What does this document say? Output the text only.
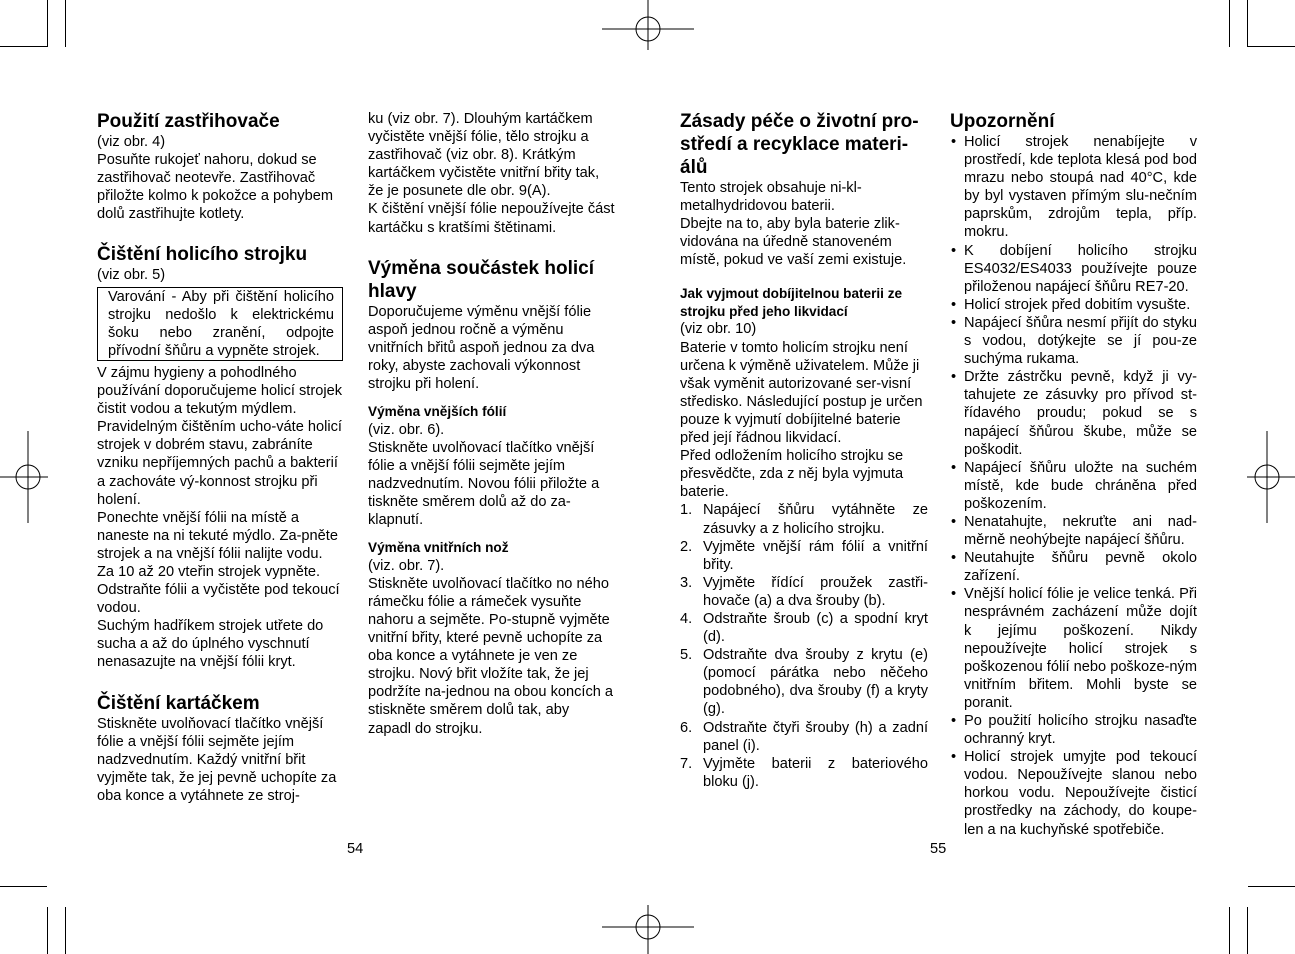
Použití zastřihovače

(viz obr. 4)

Posuňte rukojeť nahoru, dokud se zastřihovač neotevře. Zastřihovač přiložte kolmo k pokožce a pohybem dolů zastřihujte kotlety.

Čištění holicího strojku

(viz obr. 5)

Varování - Aby při čištění holicího strojku nedošlo k elektrickému šoku nebo zranění, odpojte přívodní šňůru a vypněte strojek.

V zájmu hygieny a pohodlného používání doporučujeme holicí strojek čistit vodou a tekutým mýdlem. Pravidelným čištěním ucho-váte holicí strojek v dobrém stavu, zabráníte vzniku nepříjemných pachů a bakterií a zachováte vý-konnost strojku při holení.

Ponechte vnější fólii na místě a naneste na ni tekuté mýdlo. Za-pněte strojek a na vnější fólii nalijte vodu.

Za 10 až 20 vteřin strojek vypněte. Odstraňte fólii a vyčistěte pod tekoucí vodou.

Suchým hadříkem strojek utřete do sucha a až do úplného vyschnutí nenasazujte na vnější fólii kryt.

Čištění kartáčkem

Stiskněte uvolňovací tlačítko vnější fólie a vnější fólii sejměte jejím nadzvednutím. Každý vnitřní břit vyjměte tak, že jej pevně uchopíte za oba konce a vytáhnete ze stroj-

ku (viz obr. 7). Dlouhým kartáčkem vyčistěte vnější fólie, tělo strojku a zastřihovač (viz obr. 8). Krátkým kartáčkem vyčistěte vnitřní břity tak, že je posunete dle obr. 9(A).

K čištění vnější fólie nepoužívejte část kartáčku s kratšími štětinami.

Výměna součástek holicí hlavy

Doporučujeme výměnu vnější fólie aspoň jednou ročně a výměnu vnitřních břitů aspoň jednou za dva roky, abyste zachovali výkonnost strojku při holení.

Výměna vnějších fólií

(viz. obr. 6).

Stiskněte uvolňovací tlačítko vnější fólie a vnější fólii sejměte jejím nadzvednutím. Novou fólii přiložte a tiskněte směrem dolů až do za-klapnutí.

Výměna vnitřních nož

(viz. obr. 7).

Stiskněte uvolňovací tlačítko no ného rámečku fólie a rámeček vysuňte nahoru a sejměte. Po-stupně vyjměte vnitřní břity, které pevně uchopíte za oba konce a vytáhnete je ven ze strojku. Nový břit vložíte tak, že jej podržíte na-jednou na obou koncích a stiskněte směrem dolů tak, aby zapadl do strojku.

54
Zásady péče o životní pro-středí a recyklace materi-álů

Tento strojek obsahuje ni-kl-metalhydridovou baterii.

Dbejte na to, aby byla baterie zlik-vidována na úředně stanoveném místě, pokud ve vaší zemi existuje.

Jak vyjmout dobíjitelnou baterii ze strojku před jeho likvidací

(viz obr. 10)

Baterie v tomto holicím strojku není určena k výměně uživatelem. Může ji však vyměnit autorizované ser-visní středisko. Následující postup je určen pouze k vyjmutí dobíjitelné baterie před její řádnou likvidací.

Před odložením holicího strojku se přesvědčte, zda z něj byla vyjmuta baterie.

1. Napájecí šňůru vytáhněte ze zásuvky a z holicího strojku.
2. Vyjměte vnější rám fólií a vnitřní břity.
3. Vyjměte řídící proužek zastři-hovače (a) a dva šrouby (b).
4. Odstraňte šroub (c) a spodní kryt (d).
5. Odstraňte dva šrouby z krytu (e) (pomocí párátka nebo něčeho podobného), dva šrouby (f) a kryty (g).
6. Odstraňte čtyři šrouby (h) a zadní panel (i).
7. Vyjměte baterii z bateriového bloku (j).
Upozornění
• Holicí strojek nenabíjejte v prostředí, kde teplota klesá pod bod mrazu nebo stoupá nad 40°C, kde by byl vystaven přímým slu-nečním paprskům, zdrojům tepla, příp. mokru.
• K dobíjení holicího strojku ES4032/ES4033 používejte pouze přiloženou napájecí šňůru RE7-20.
• Holicí strojek před dobitím vysušte.
• Napájecí šňůra nesmí přijít do styku s vodou, dotýkejte se jí pou-ze suchýma rukama.
• Držte zástrčku pevně, když ji vy-tahujete ze zásuvky pro přívod st-řídavého proudu; pokud se s napájecí šňůrou škube, může se poškodit.
• Napájecí šňůru uložte na suchém místě, kde bude chráněna před poškozením.
• Nenatahujte, nekruťte ani nad-měrně neohýbejte napájecí šňůru.
• Neutahujte šňůru pevně okolo zařízení.
• Vnější holicí fólie je velice tenká. Při nesprávném zacházení může dojít k jejímu poškození. Nikdy nepoužívejte holicí strojek s poškozenou fólií nebo poškoze-ným vnitřním břitem. Mohli byste se poranit.
• Po použití holicího strojku nasaďte ochranný kryt.
• Holicí strojek umyjte pod tekoucí vodou. Nepoužívejte slanou nebo horkou vodu. Nepoužívejte čisticí prostředky na záchody, do koupe-len a na kuchyňské spotřebiče.
55
